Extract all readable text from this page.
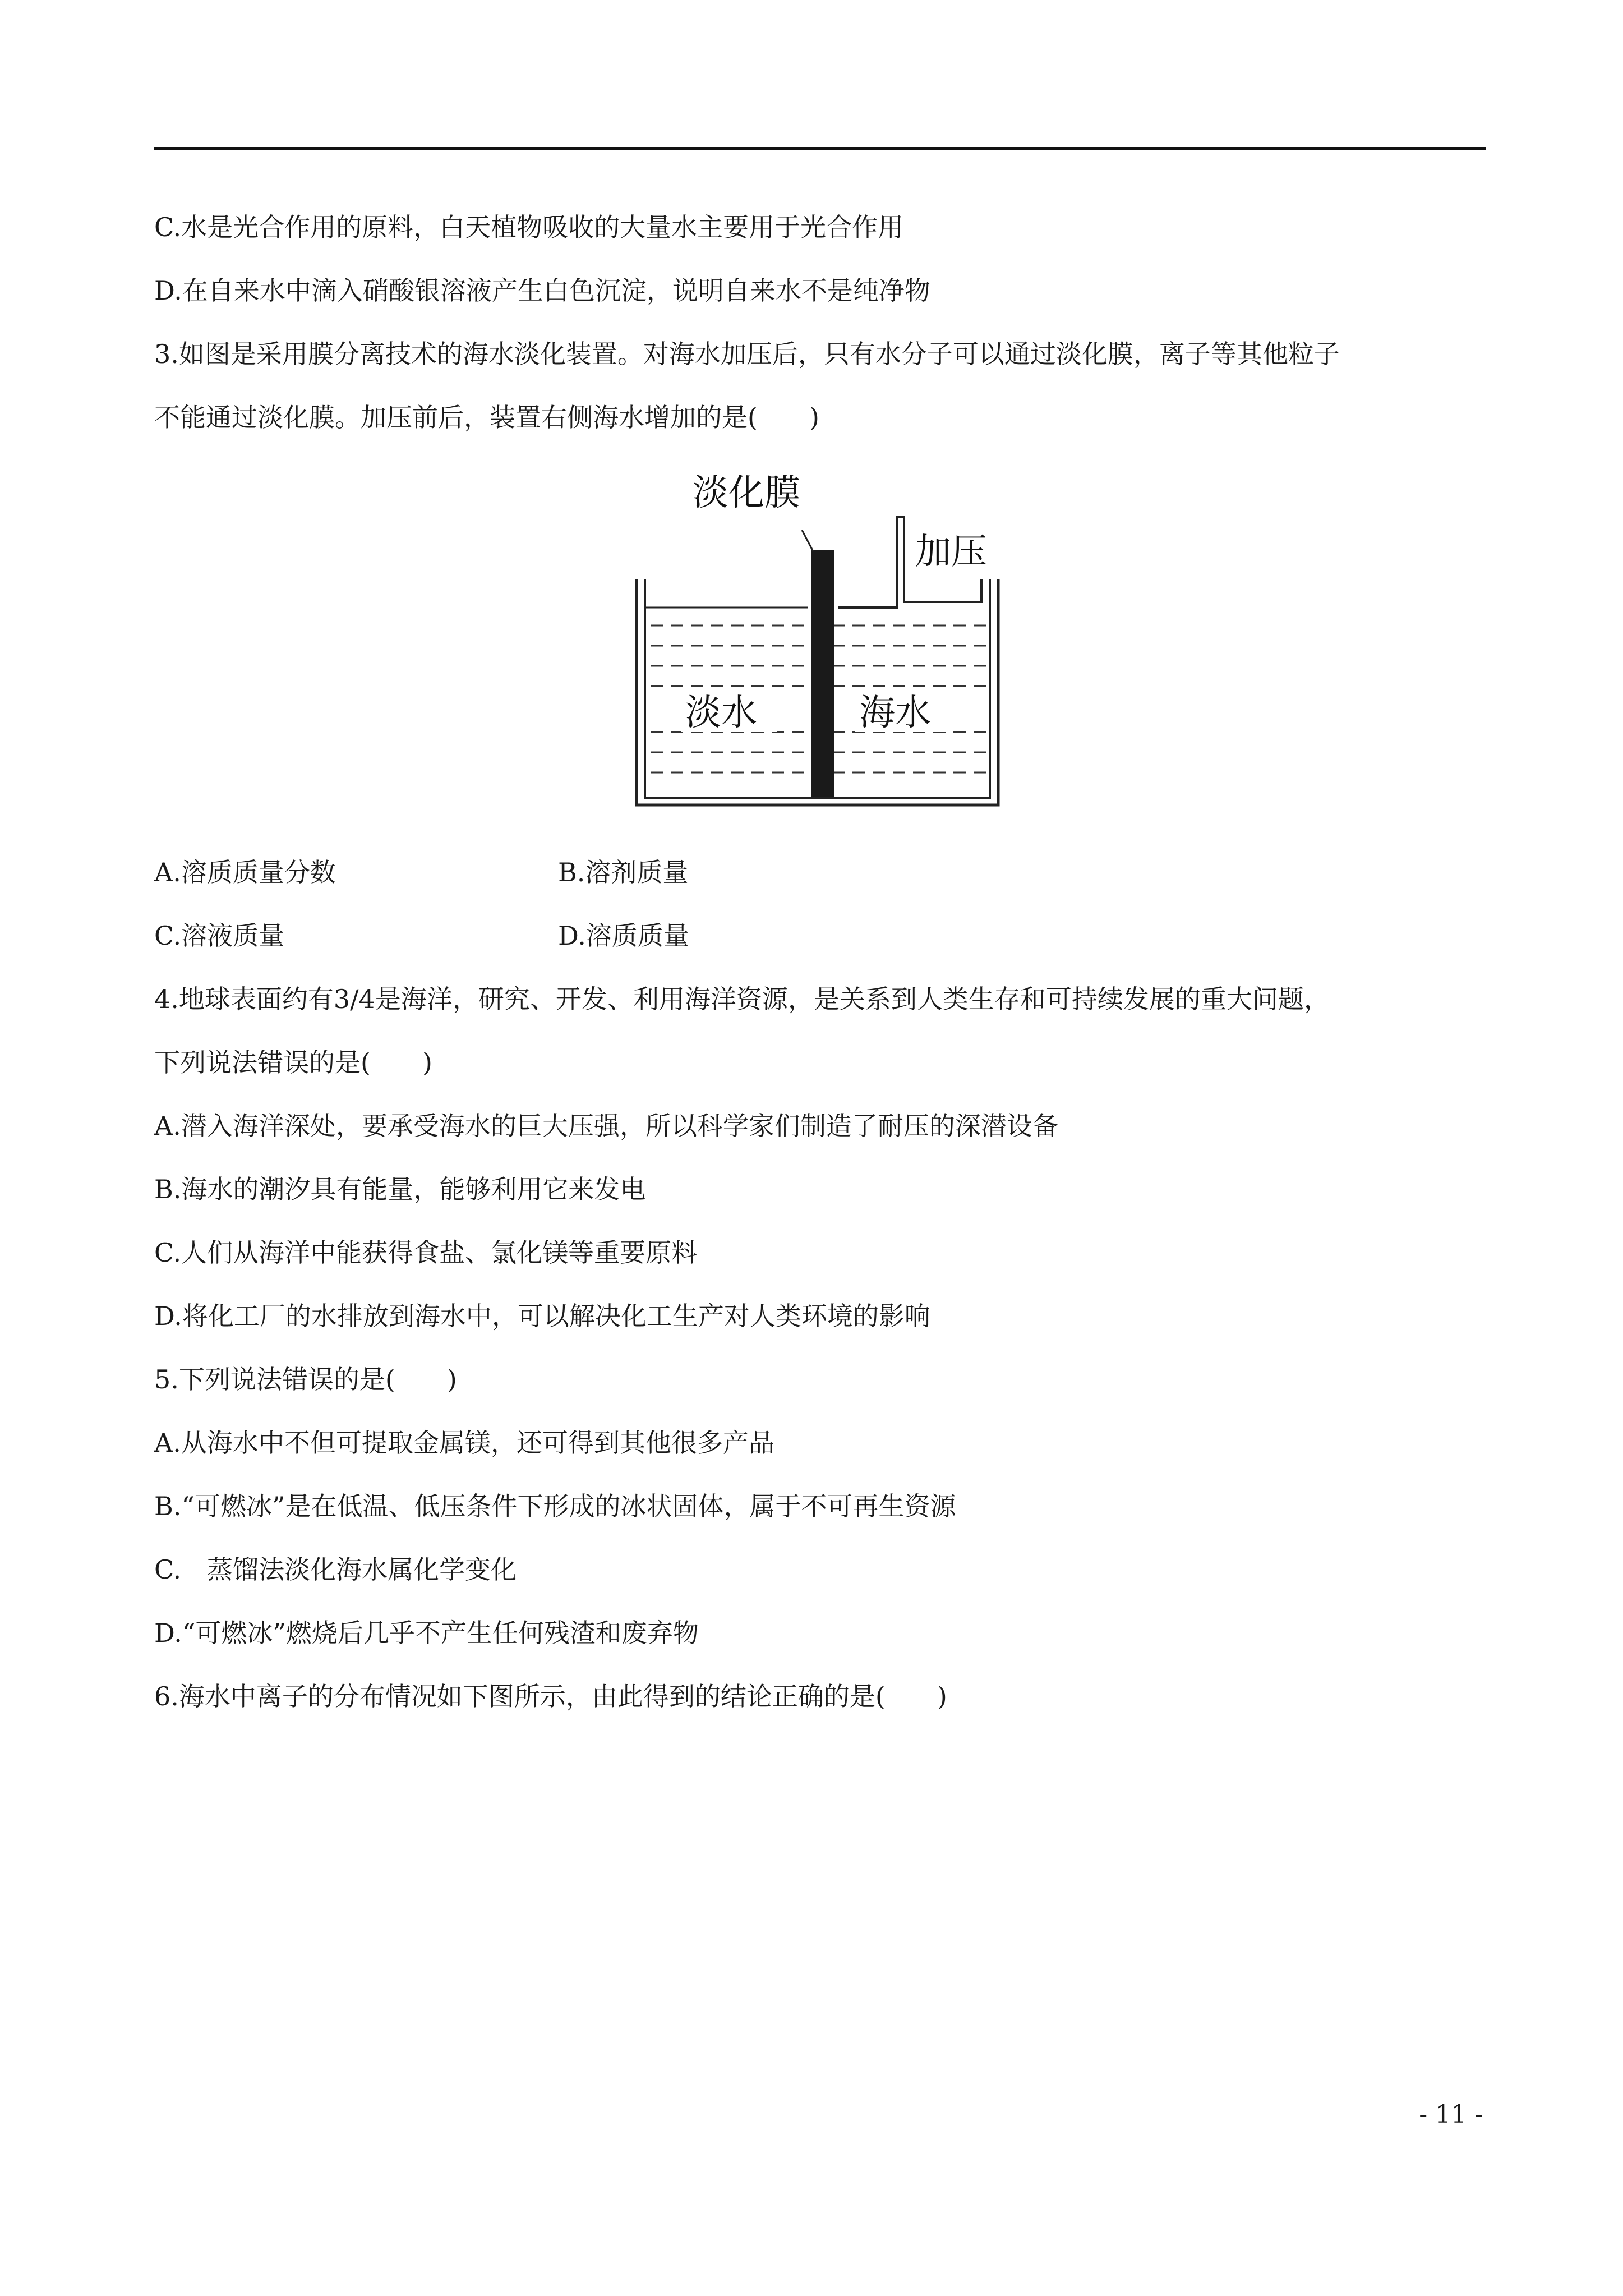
C.水是光合作用的原料，白天植物吸收的大量水主要用于光合作用
D.在自来水中滴入硝酸银溶液产生白色沉淀，说明自来水不是纯净物
3.如图是采用膜分离技术的海水淡化装置。对海水加压后，只有水分子可以通过淡化膜，离子等其他粒子
不能通过淡化膜。加压前后，装置右侧海水增加的是(　　)
淡化膜
加压
淡水	海水
A.溶质质量分数	B.溶剂质量
C.溶液质量	D.溶质质量
4.地球表面约有3/4是海洋，研究、开发、利用海洋资源，是关系到人类生存和可持续发展的重大问题，
下列说法错误的是(　　)
A.潜入海洋深处，要承受海水的巨大压强，所以科学家们制造了耐压的深潜设备
B.海水的潮汐具有能量，能够利用它来发电
C.人们从海洋中能获得食盐、氯化镁等重要原料
D.将化工厂的水排放到海水中，可以解决化工生产对人类环境的影响
5.下列说法错误的是(　　)
A.从海水中不但可提取金属镁，还可得到其他很多产品
B.“可燃冰”是在低温、低压条件下形成的冰状固体，属于不可再生资源
C.　蒸馏法淡化海水属化学变化
D.“可燃冰”燃烧后几乎不产生任何残渣和废弃物
6.海水中离子的分布情况如下图所示，由此得到的结论正确的是(　　)
- 11 -
